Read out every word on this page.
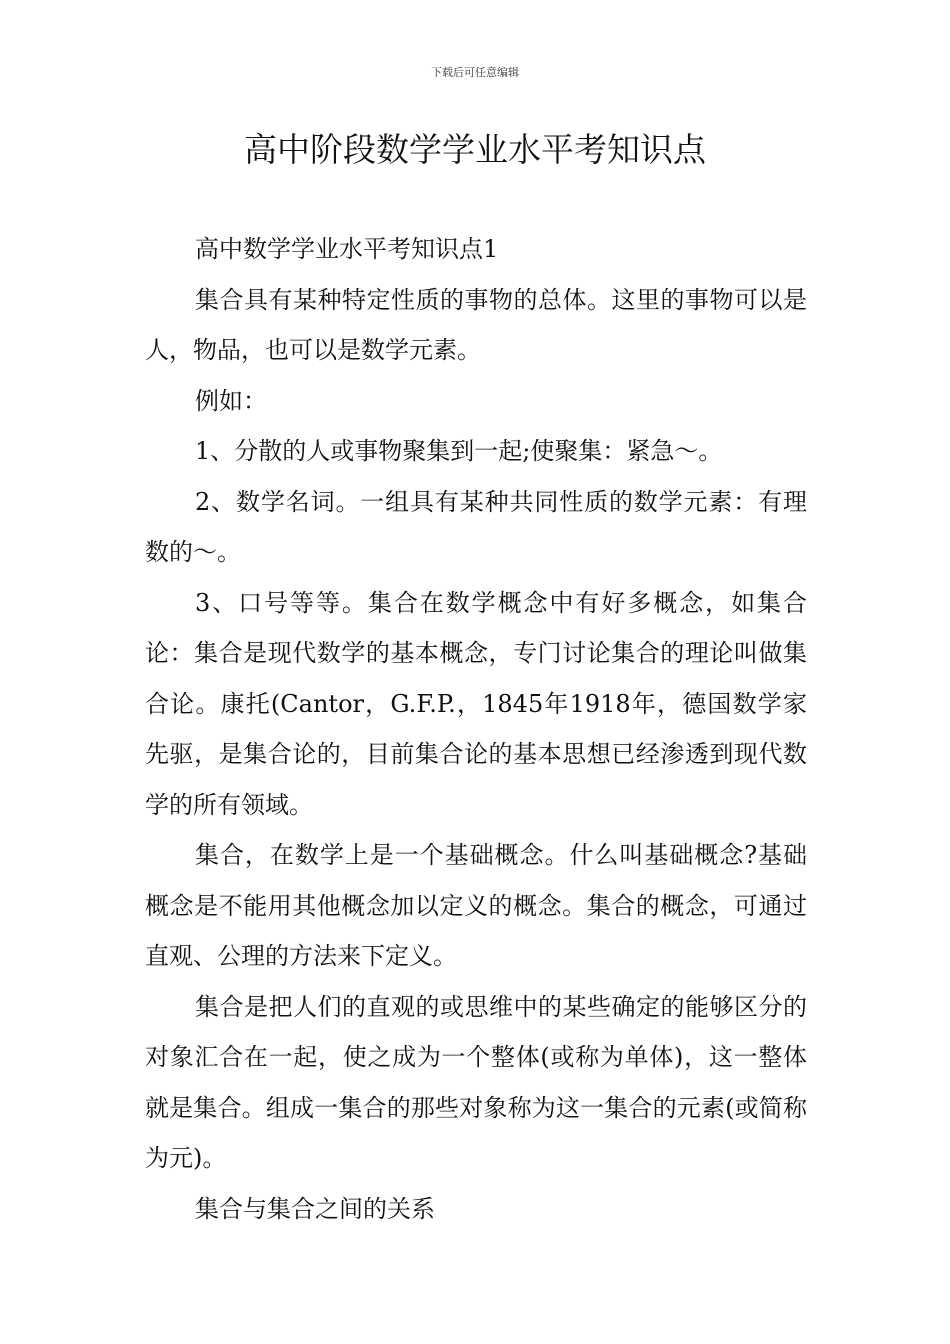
下载后可任意编辑
高中阶段数学学业水平考知识点

高中数学学业水平考知识点1

集合具有某种特定性质的事物的总体。这里的事物可以是人，物品，也可以是数学元素。

例如：

1、分散的人或事物聚集到一起;使聚集：紧急～。

2、数学名词。一组具有某种共同性质的数学元素：有理数的～。

3、口号等等。集合在数学概念中有好多概念，如集合论：集合是现代数学的基本概念，专门讨论集合的理论叫做集合论。康托(Cantor，G.F.P.，1845年1918年，德国数学家先驱，是集合论的，目前集合论的基本思想已经渗透到现代数学的所有领域。

集合，在数学上是一个基础概念。什么叫基础概念?基础概念是不能用其他概念加以定义的概念。集合的概念，可通过直观、公理的方法来下定义。

集合是把人们的直观的或思维中的某些确定的能够区分的对象汇合在一起，使之成为一个整体(或称为单体)，这一整体就是集合。组成一集合的那些对象称为这一集合的元素(或简称为元)。

集合与集合之间的关系
